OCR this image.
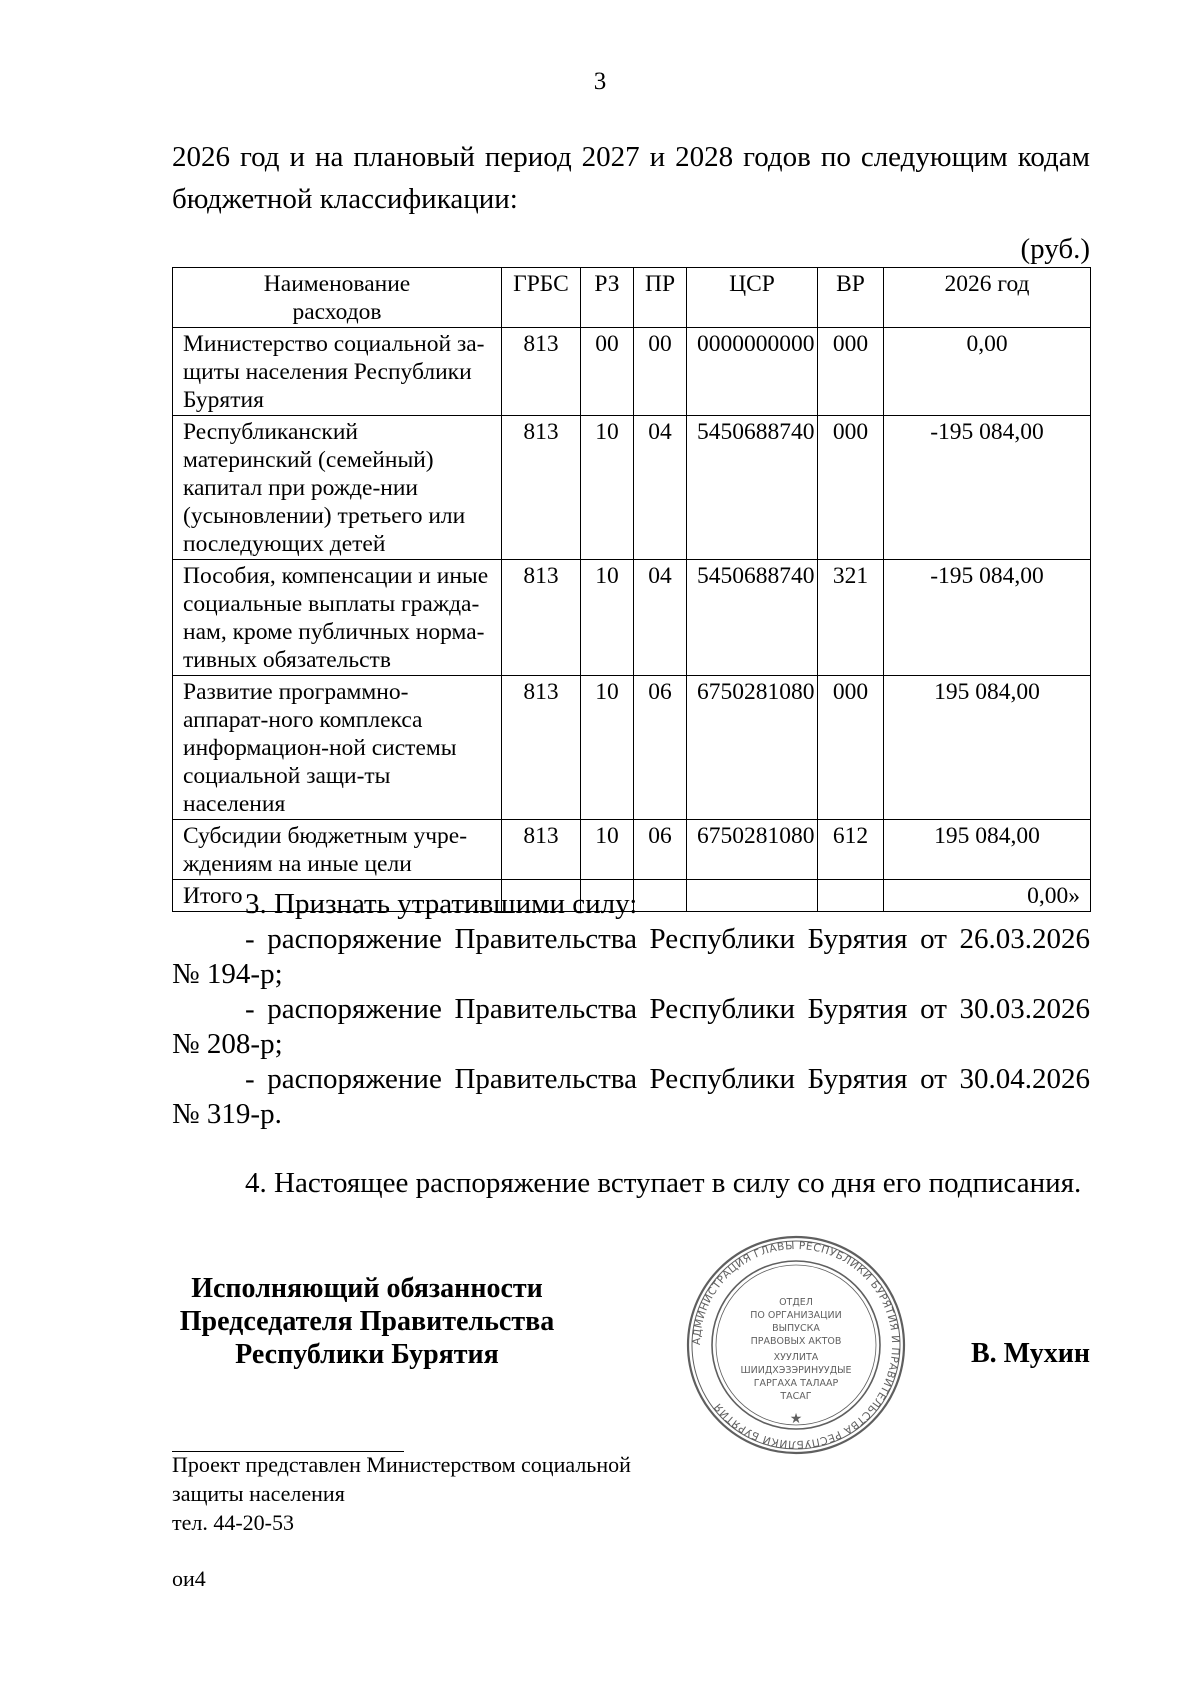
3
2026 год и на плановый период 2027 и 2028 годов по следующим кодам
бюджетной классификации:
(руб.)
Наименование расходов	ГРБС	РЗ	ПР	ЦСР	ВР	2026 год
Министерство социальной за-щиты населения Республики Бурятия	813	00	00	0000000000	000	0,00
Республиканский материнский (семейный) капитал при рожде-нии (усыновлении) третьего или последующих детей	813	10	04	5450688740	000	-195 084,00
Пособия, компенсации и иные социальные выплаты гражда-нам, кроме публичных норма-тивных обязательств	813	10	04	5450688740	321	-195 084,00
Развитие программно-аппарат-ного комплекса информацион-ной системы социальной защи-ты населения	813	10	06	6750281080	000	195 084,00
Субсидии бюджетным учре-ждениям на иные цели	813	10	06	6750281080	612	195 084,00
Итого						0,00»

3. Признать утратившими силу:

- распоряжение Правительства Республики Бурятия от 26.03.2026

№ 194-р;

- распоряжение Правительства Республики Бурятия от 30.03.2026

№ 208-р;

- распоряжение Правительства Республики Бурятия от 30.04.2026

№ 319-р.

4. Настоящее распоряжение вступает в силу со дня его подписания.

Исполняющий обязанности
Председателя Правительства
Республики Бурятия	АДМИНИСТРАЦИЯ ГЛАВЫ РЕСПУБЛИКИ БУРЯТИЯ И ПРАВИТЕЛЬСТВА РЕСПУБЛИКИ БУРЯТИЯ
ОТДЕЛ
ПО ОРГАНИЗАЦИИ
ВЫПУСКА
ПРАВОВЫХ АКТОВ
ХУУЛИТА
ШИИДХЭЗЭРИНУУДЫЕ
ГАРГАХА ТАЛААР
ТАСАГ
★
В. Мухин
Проект представлен Министерством социальной
защиты населения
тел. 44-20-53
ои4
